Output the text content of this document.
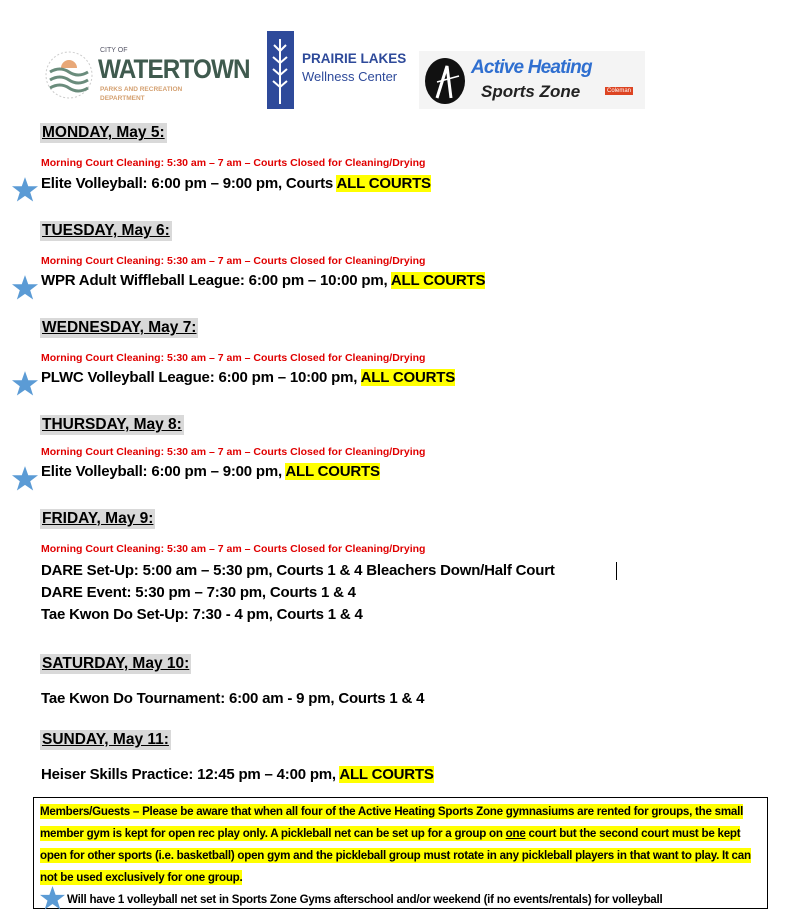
CITY OF
WATERTOWN
PARKS AND RECREATION
DEPARTMENT
PRAIRIE LAKES
Wellness Center	Active Heating
Sports Zone	Coleman
MONDAY, May 5:
Morning Court Cleaning: 5:30 am – 7 am – Courts Closed for Cleaning/Drying
Elite Volleyball: 6:00 pm – 9:00 pm, Courts ALL COURTS
TUESDAY, May 6:
Morning Court Cleaning: 5:30 am – 7 am – Courts Closed for Cleaning/Drying
WPR Adult Wiffleball League: 6:00 pm – 10:00 pm, ALL COURTS
WEDNESDAY, May 7:
Morning Court Cleaning: 5:30 am – 7 am – Courts Closed for Cleaning/Drying
PLWC Volleyball League: 6:00 pm – 10:00 pm, ALL COURTS
THURSDAY, May 8:
Morning Court Cleaning: 5:30 am – 7 am – Courts Closed for Cleaning/Drying
Elite Volleyball: 6:00 pm – 9:00 pm, ALL COURTS
FRIDAY, May 9:
Morning Court Cleaning: 5:30 am – 7 am – Courts Closed for Cleaning/Drying
DARE Set-Up: 5:00 am – 5:30 pm, Courts 1 & 4 Bleachers Down/Half Court
DARE Event: 5:30 pm – 7:30 pm, Courts 1 & 4
Tae Kwon Do Set-Up: 7:30 - 4 pm, Courts 1 & 4
SATURDAY, May 10:
Tae Kwon Do Tournament: 6:00 am - 9 pm, Courts 1 & 4
SUNDAY, May 11:
Heiser Skills Practice: 12:45 pm – 4:00 pm, ALL COURTS
Members/Guests – Please be aware that when all four of the Active Heating Sports Zone gymnasiums are rented for groups, the small member gym is kept for open rec play only. A pickleball net can be set up for a group on one court but the second court must be kept open for other sports (i.e. basketball) open gym and the pickleball group must rotate in any pickleball players in that want to play. It can not be used exclusively for one group.
Will have 1 volleyball net set in Sports Zone Gyms afterschool and/or weekend (if no events/rentals) for volleyball
